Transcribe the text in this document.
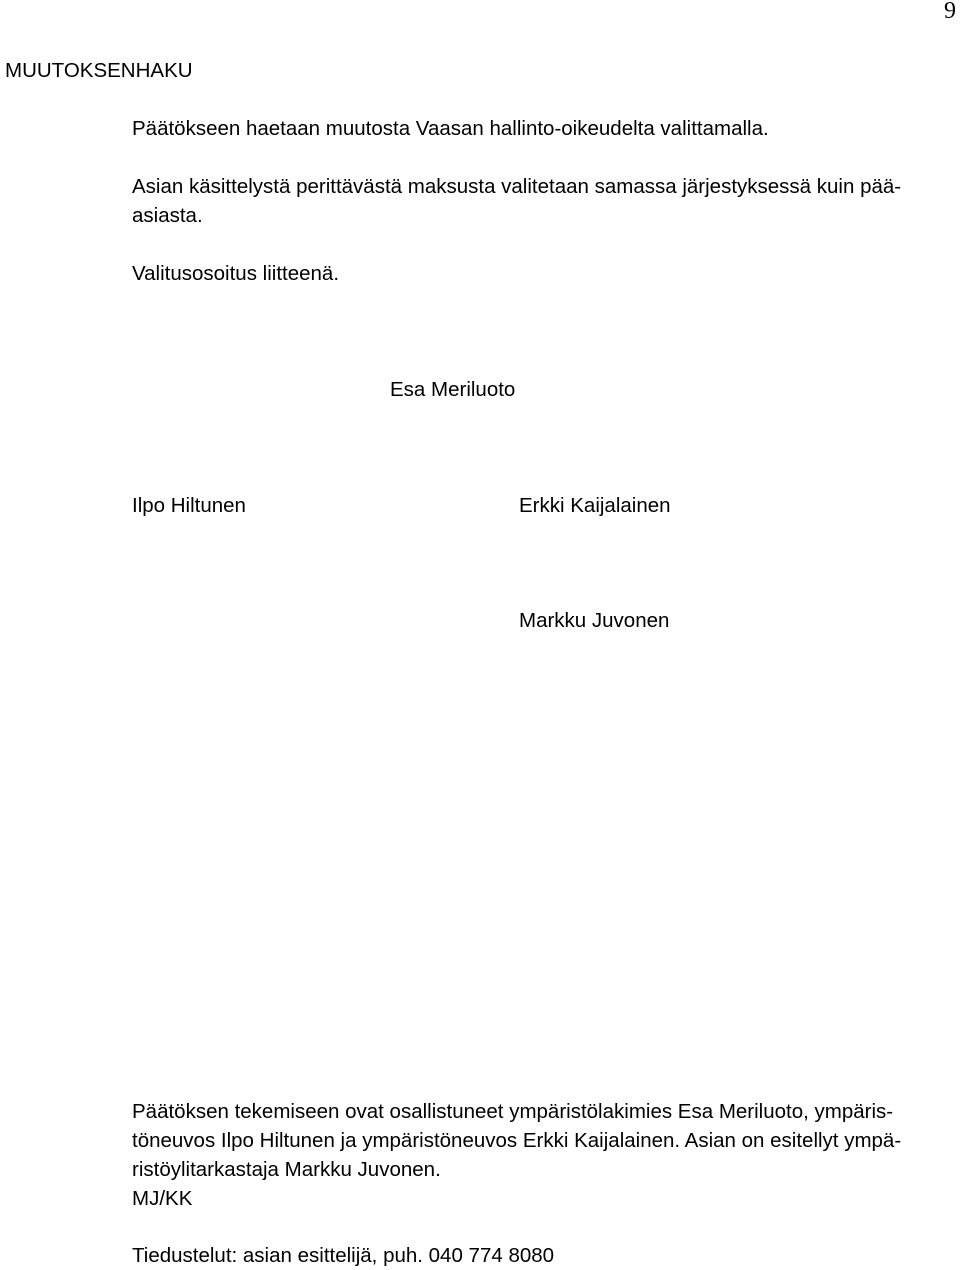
9
MUUTOKSENHAKU
Päätökseen haetaan muutosta Vaasan hallinto-oikeudelta valittamalla.
Asian käsittelystä perittävästä maksusta valitetaan samassa järjestyksessä kuin pää-
asiasta.
Valitusosoitus liitteenä.
Esa Meriluoto
Ilpo Hiltunen	Erkki Kaijalainen
Markku Juvonen
Päätöksen tekemiseen ovat osallistuneet ympäristölakimies Esa Meriluoto, ympäris-
töneuvos Ilpo Hiltunen ja ympäristöneuvos Erkki Kaijalainen. Asian on esitellyt ympä-
ristöylitarkastaja Markku Juvonen.
MJ/KK
Tiedustelut: asian esittelijä, puh. 040 774 8080
